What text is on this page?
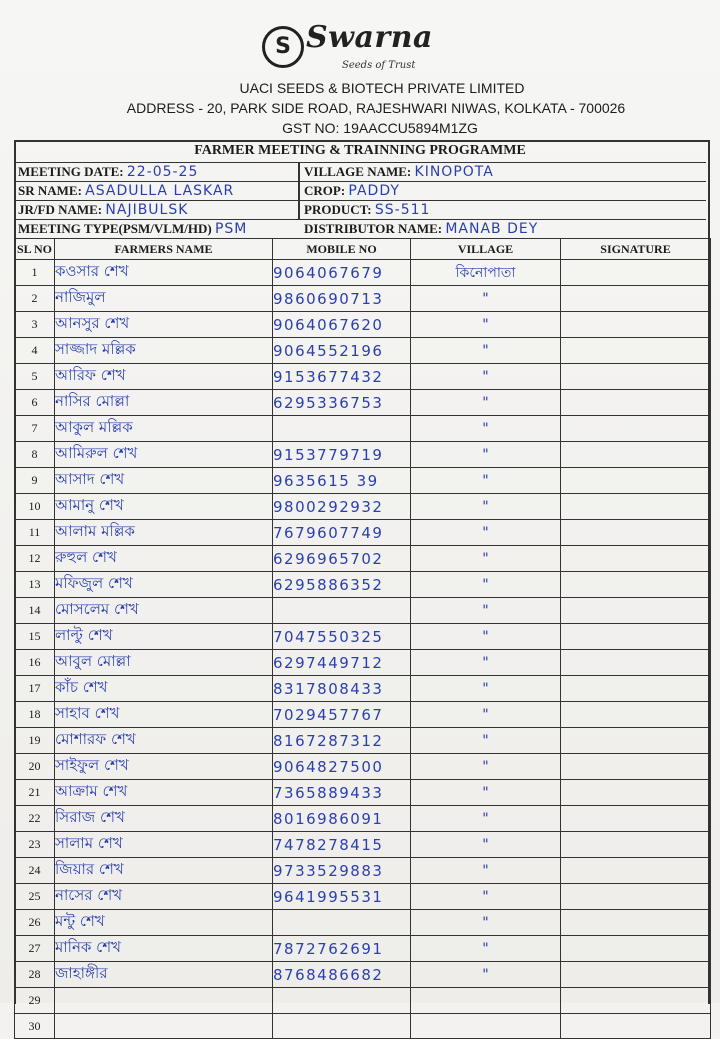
S Swarna
Seeds of Trust
UACI SEEDS & BIOTECH PRIVATE LIMITED
ADDRESS - 20, PARK SIDE ROAD, RAJESHWARI NIWAS, KOLKATA - 700026
GST NO: 19AACCU5894M1ZG
FARMER MEETING & TRAINNING PROGRAMME
MEETING DATE: 22-05-25	VILLAGE NAME: KINOPOTA
SR NAME: ASADULLA LASKAR	CROP: PADDY
JR/FD NAME: NAJIBULSK	PRODUCT: SS-511
MEETING TYPE(PSM/VLM/HD) PSM	DISTRIBUTOR NAME: MANAB DEY
SL NO	FARMERS NAME	MOBILE NO	VILLAGE	SIGNATURE
1	কওসার শেখ	9064067679	কিনোপাতা	
2	নাজিমুল	9860690713	"	
3	আনসুর শেখ	9064067620	"	
4	সাজ্জাদ মল্লিক	9064552196	"	
5	আরিফ শেখ	9153677432	"	
6	নাসির মোল্লা	6295336753	"	
7	আকুল মল্লিক		"	
8	আমিরুল শেখ	9153779719	"	
9	আসাদ শেখ	9635615 39	"	
10	আমানু শেখ	9800292932	"	
11	আলাম মল্লিক	7679607749	"	
12	রুহুল শেখ	6296965702	"	
13	মফিজুল শেখ	6295886352	"	
14	মোসলেম শেখ		"	
15	লাল্টু শেখ	7047550325	"	
16	আবুল মোল্লা	6297449712	"	
17	কাঁচ শেখ	8317808433	"	
18	সাহাব শেখ	7029457767	"	
19	মোশারফ শেখ	8167287312	"	
20	সাইফুল শেখ	9064827500	"	
21	আক্রাম শেখ	7365889433	"	
22	সিরাজ শেখ	8016986091	"	
23	সালাম শেখ	7478278415	"	
24	জিয়ার শেখ	9733529883	"	
25	নাসের শেখ	9641995531	"	
26	মন্টু শেখ		"	
27	মানিক শেখ	7872762691	"	
28	জাহাঙ্গীর	8768486682	"	
29				
30				
